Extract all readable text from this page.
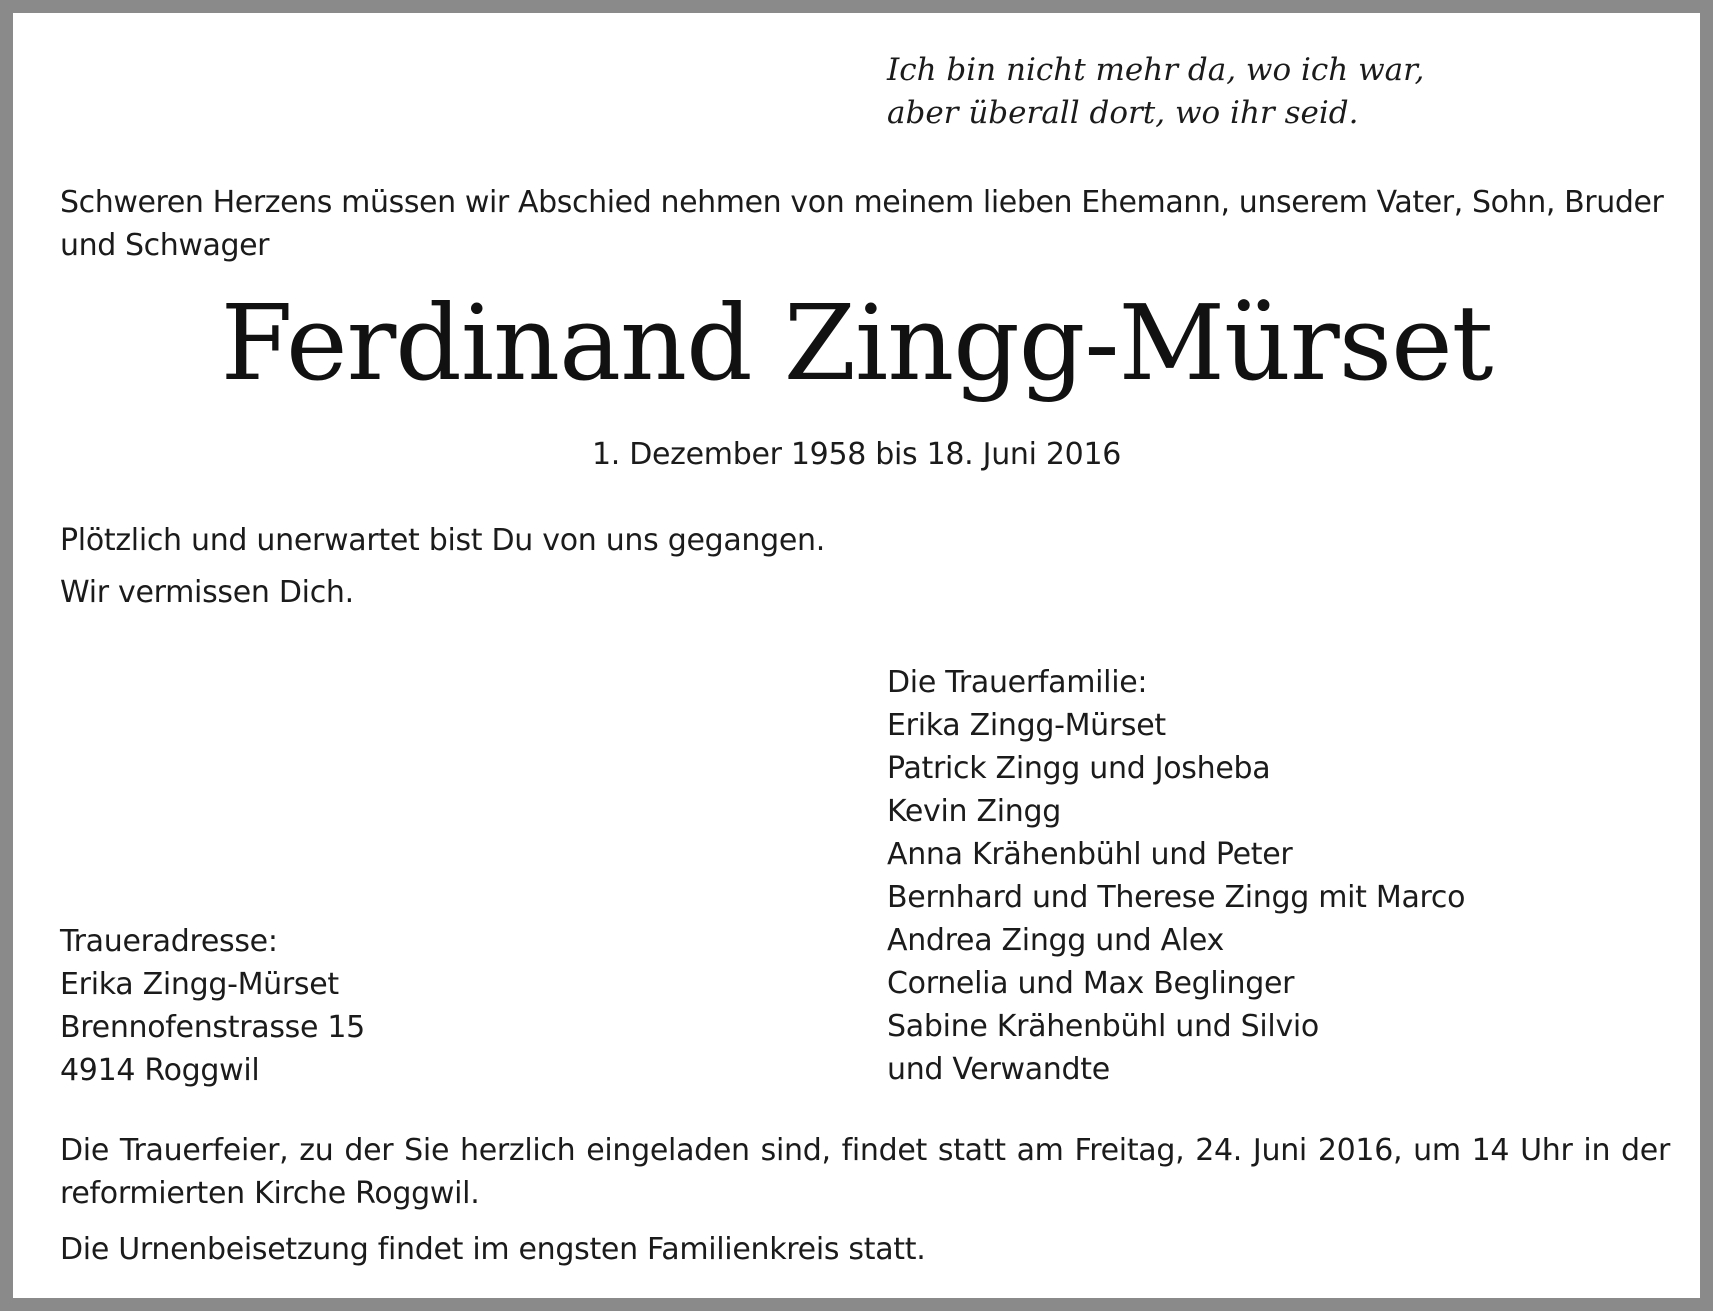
Ich bin nicht mehr da, wo ich war,
aber überall dort, wo ihr seid.
Schweren Herzens müssen wir Abschied nehmen von meinem lieben Ehemann, unserem Vater, Sohn, Bruder und Schwager
Ferdinand Zingg-Mürset
1. Dezember 1958 bis 18. Juni 2016
Plötzlich und unerwartet bist Du von uns gegangen.
Wir vermissen Dich.
Die Trauerfamilie:
Erika Zingg-Mürset
Patrick Zingg und Josheba
Kevin Zingg
Anna Krähenbühl und Peter
Bernhard und Therese Zingg mit Marco
Andrea Zingg und Alex
Cornelia und Max Beglinger
Sabine Krähenbühl und Silvio
und Verwandte
Traueradresse:
Erika Zingg-Mürset
Brennofenstrasse 15
4914 Roggwil
Die Trauerfeier, zu der Sie herzlich eingeladen sind, findet statt am Freitag, 24. Juni 2016, um 14 Uhr in der reformierten Kirche Roggwil.
Die Urnenbeisetzung findet im engsten Familienkreis statt.
